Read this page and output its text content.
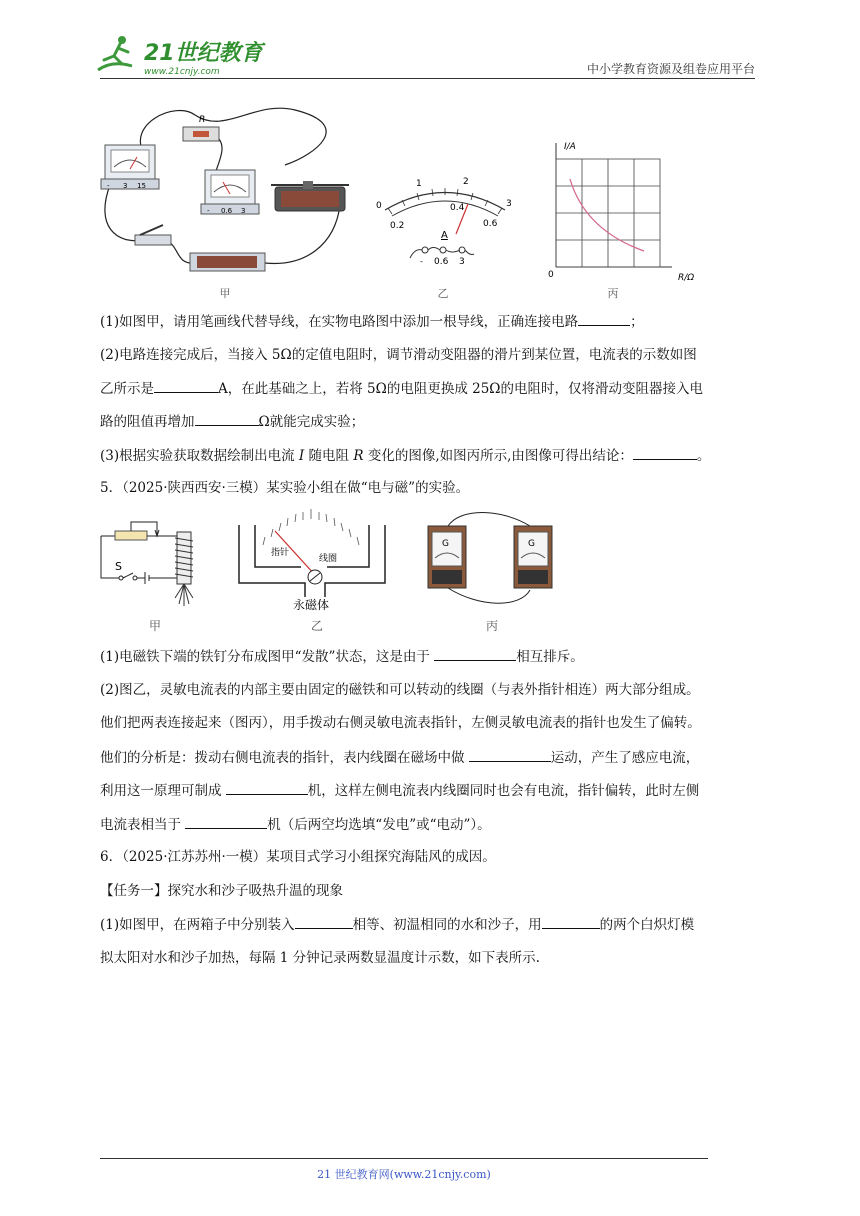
21世纪教育
www.21cnjy.com	中小学教育资源及组卷应用平台
R
- 3 15
- 0.6 3
甲
0
1	2
3
0.2
0.4
0.6
A
- 0.6 3
乙
I/A
0	R/Ω
丙
(1)如图甲，请用笔画线代替导线，在实物电路图中添加一根导线，正确连接电路	；
(2)电路连接完成后，当接入 5Ω的定值电阻时，调节滑动变阻器的滑片到某位置，电流表的示数如图
乙所示是	A，在此基础之上，若将 5Ω的电阻更换成 25Ω的电阻时，仅将滑动变阻器接入电
路的阻值再增加	Ω就能完成实验；
(3)根据实验获取数据绘制出电流 I 随电阻 R 变化的图像,如图丙所示,由图像可得出结论：	。
5．（2025·陕西西安·三模）某实验小组在做“电与磁”的实验。
S
甲
指针
线圈
永磁体
乙
G	G
丙
(1)电磁铁下端的铁钉分布成图甲“发散”状态，这是由于	相互排斥。
(2)图乙，灵敏电流表的内部主要由固定的磁铁和可以转动的线圈（与表外指针相连）两大部分组成。
他们把两表连接起来（图丙），用手拨动右侧灵敏电流表指针，左侧灵敏电流表的指针也发生了偏转。
他们的分析是：拨动右侧电流表的指针，表内线圈在磁场中做	运动，产生了感应电流，
利用这一原理可制成	机，这样左侧电流表内线圈同时也会有电流，指针偏转，此时左侧
电流表相当于	机（后两空均选填“发电”或“电动”）。
6．（2025·江苏苏州·一模）某项目式学习小组探究海陆风的成因。
【任务一】探究水和沙子吸热升温的现象
(1)如图甲，在两箱子中分别装入	相等、初温相同的水和沙子，用	的两个白炽灯模
拟太阳对水和沙子加热，每隔 1 分钟记录两数显温度计示数，如下表所示.
21 世纪教育网(www.21cnjy.com)
